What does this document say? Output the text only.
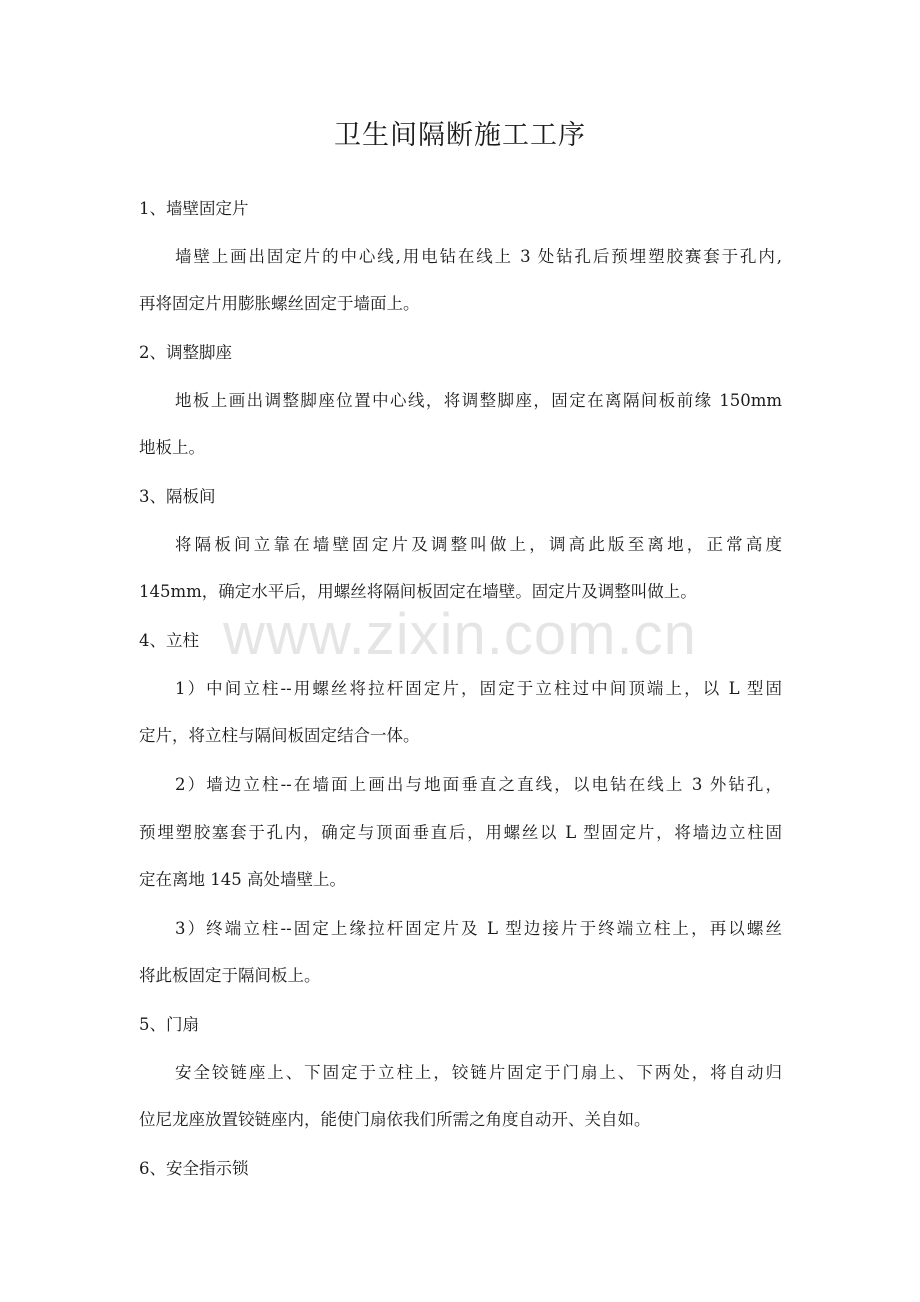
卫生间隔断施工工序
1、墙壁固定片
墙壁上画出固定片的中心线,用电钻在线上 3 处钻孔后预埋塑胶赛套于孔内,
再将固定片用膨胀螺丝固定于墙面上。
2、调整脚座
地板上画出调整脚座位置中心线，将调整脚座，固定在离隔间板前缘 150mm
地板上。
3、隔板间
将隔板间立靠在墙壁固定片及调整叫做上，调高此版至离地，正常高度
145mm，确定水平后，用螺丝将隔间板固定在墙壁。固定片及调整叫做上。
4、立柱
1）中间立柱--用螺丝将拉杆固定片，固定于立柱过中间顶端上，以 L 型固
定片，将立柱与隔间板固定结合一体。
2）墙边立柱--在墙面上画出与地面垂直之直线，以电钻在线上 3 外钻孔，
预埋塑胶塞套于孔内，确定与顶面垂直后，用螺丝以 L 型固定片，将墙边立柱固
定在离地 145 高处墙壁上。
3）终端立柱--固定上缘拉杆固定片及 L 型边接片于终端立柱上，再以螺丝
将此板固定于隔间板上。
5、门扇
安全铰链座上、下固定于立柱上，铰链片固定于门扇上、下两处，将自动归
位尼龙座放置铰链座内，能使门扇依我们所需之角度自动开、关自如。
6、安全指示锁
www.zixin.com.cn
